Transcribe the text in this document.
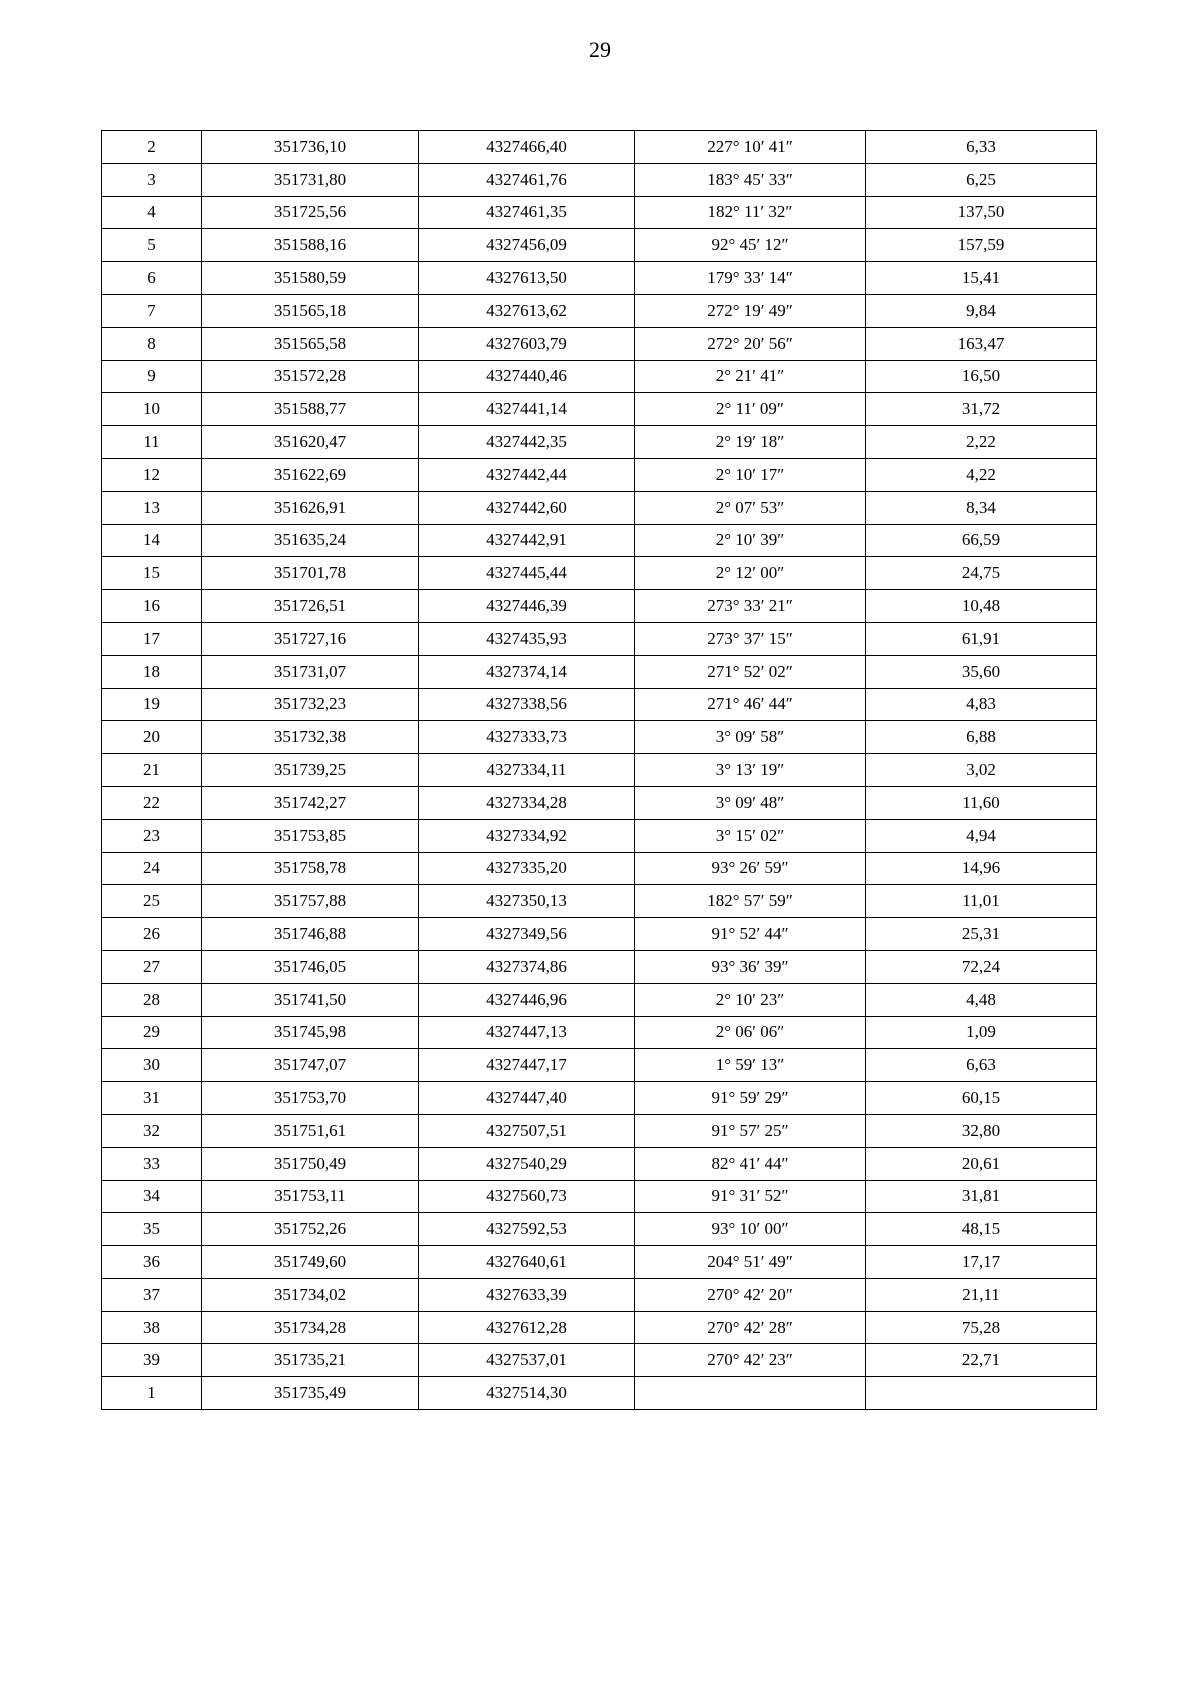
29
2	351736,10	4327466,40	227° 10′ 41″	6,33
3	351731,80	4327461,76	183° 45′ 33″	6,25
4	351725,56	4327461,35	182° 11′ 32″	137,50
5	351588,16	4327456,09	92° 45′ 12″	157,59
6	351580,59	4327613,50	179° 33′ 14″	15,41
7	351565,18	4327613,62	272° 19′ 49″	9,84
8	351565,58	4327603,79	272° 20′ 56″	163,47
9	351572,28	4327440,46	2° 21′ 41″	16,50
10	351588,77	4327441,14	2° 11′ 09″	31,72
11	351620,47	4327442,35	2° 19′ 18″	2,22
12	351622,69	4327442,44	2° 10′ 17″	4,22
13	351626,91	4327442,60	2° 07′ 53″	8,34
14	351635,24	4327442,91	2° 10′ 39″	66,59
15	351701,78	4327445,44	2° 12′ 00″	24,75
16	351726,51	4327446,39	273° 33′ 21″	10,48
17	351727,16	4327435,93	273° 37′ 15″	61,91
18	351731,07	4327374,14	271° 52′ 02″	35,60
19	351732,23	4327338,56	271° 46′ 44″	4,83
20	351732,38	4327333,73	3° 09′ 58″	6,88
21	351739,25	4327334,11	3° 13′ 19″	3,02
22	351742,27	4327334,28	3° 09′ 48″	11,60
23	351753,85	4327334,92	3° 15′ 02″	4,94
24	351758,78	4327335,20	93° 26′ 59″	14,96
25	351757,88	4327350,13	182° 57′ 59″	11,01
26	351746,88	4327349,56	91° 52′ 44″	25,31
27	351746,05	4327374,86	93° 36′ 39″	72,24
28	351741,50	4327446,96	2° 10′ 23″	4,48
29	351745,98	4327447,13	2° 06′ 06″	1,09
30	351747,07	4327447,17	1° 59′ 13″	6,63
31	351753,70	4327447,40	91° 59′ 29″	60,15
32	351751,61	4327507,51	91° 57′ 25″	32,80
33	351750,49	4327540,29	82° 41′ 44″	20,61
34	351753,11	4327560,73	91° 31′ 52″	31,81
35	351752,26	4327592,53	93° 10′ 00″	48,15
36	351749,60	4327640,61	204° 51′ 49″	17,17
37	351734,02	4327633,39	270° 42′ 20″	21,11
38	351734,28	4327612,28	270° 42′ 28″	75,28
39	351735,21	4327537,01	270° 42′ 23″	22,71
1	351735,49	4327514,30		
